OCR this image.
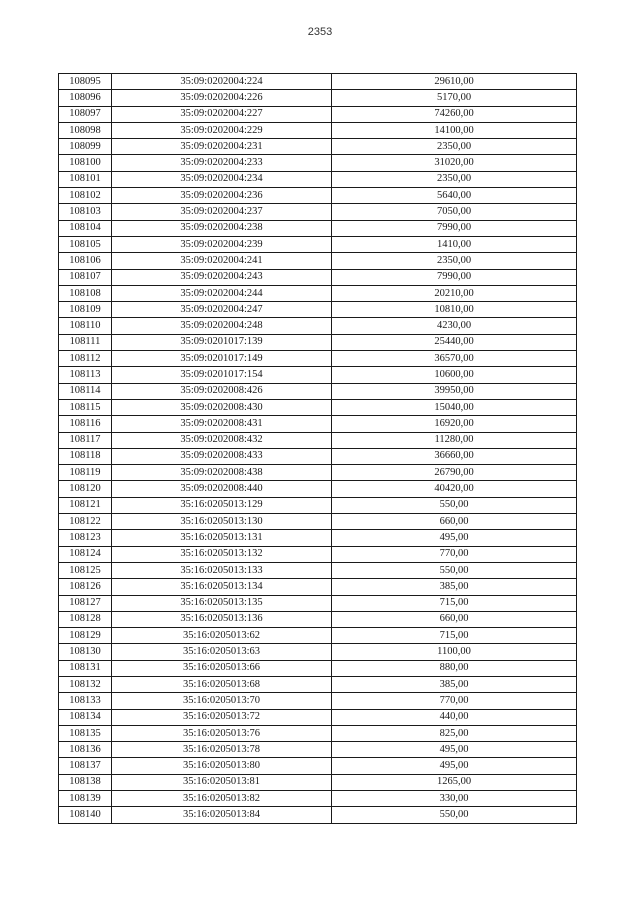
2353
108095	35:09:0202004:224	29610,00
108096	35:09:0202004:226	5170,00
108097	35:09:0202004:227	74260,00
108098	35:09:0202004:229	14100,00
108099	35:09:0202004:231	2350,00
108100	35:09:0202004:233	31020,00
108101	35:09:0202004:234	2350,00
108102	35:09:0202004:236	5640,00
108103	35:09:0202004:237	7050,00
108104	35:09:0202004:238	7990,00
108105	35:09:0202004:239	1410,00
108106	35:09:0202004:241	2350,00
108107	35:09:0202004:243	7990,00
108108	35:09:0202004:244	20210,00
108109	35:09:0202004:247	10810,00
108110	35:09:0202004:248	4230,00
108111	35:09:0201017:139	25440,00
108112	35:09:0201017:149	36570,00
108113	35:09:0201017:154	10600,00
108114	35:09:0202008:426	39950,00
108115	35:09:0202008:430	15040,00
108116	35:09:0202008:431	16920,00
108117	35:09:0202008:432	11280,00
108118	35:09:0202008:433	36660,00
108119	35:09:0202008:438	26790,00
108120	35:09:0202008:440	40420,00
108121	35:16:0205013:129	550,00
108122	35:16:0205013:130	660,00
108123	35:16:0205013:131	495,00
108124	35:16:0205013:132	770,00
108125	35:16:0205013:133	550,00
108126	35:16:0205013:134	385,00
108127	35:16:0205013:135	715,00
108128	35:16:0205013:136	660,00
108129	35:16:0205013:62	715,00
108130	35:16:0205013:63	1100,00
108131	35:16:0205013:66	880,00
108132	35:16:0205013:68	385,00
108133	35:16:0205013:70	770,00
108134	35:16:0205013:72	440,00
108135	35:16:0205013:76	825,00
108136	35:16:0205013:78	495,00
108137	35:16:0205013:80	495,00
108138	35:16:0205013:81	1265,00
108139	35:16:0205013:82	330,00
108140	35:16:0205013:84	550,00
